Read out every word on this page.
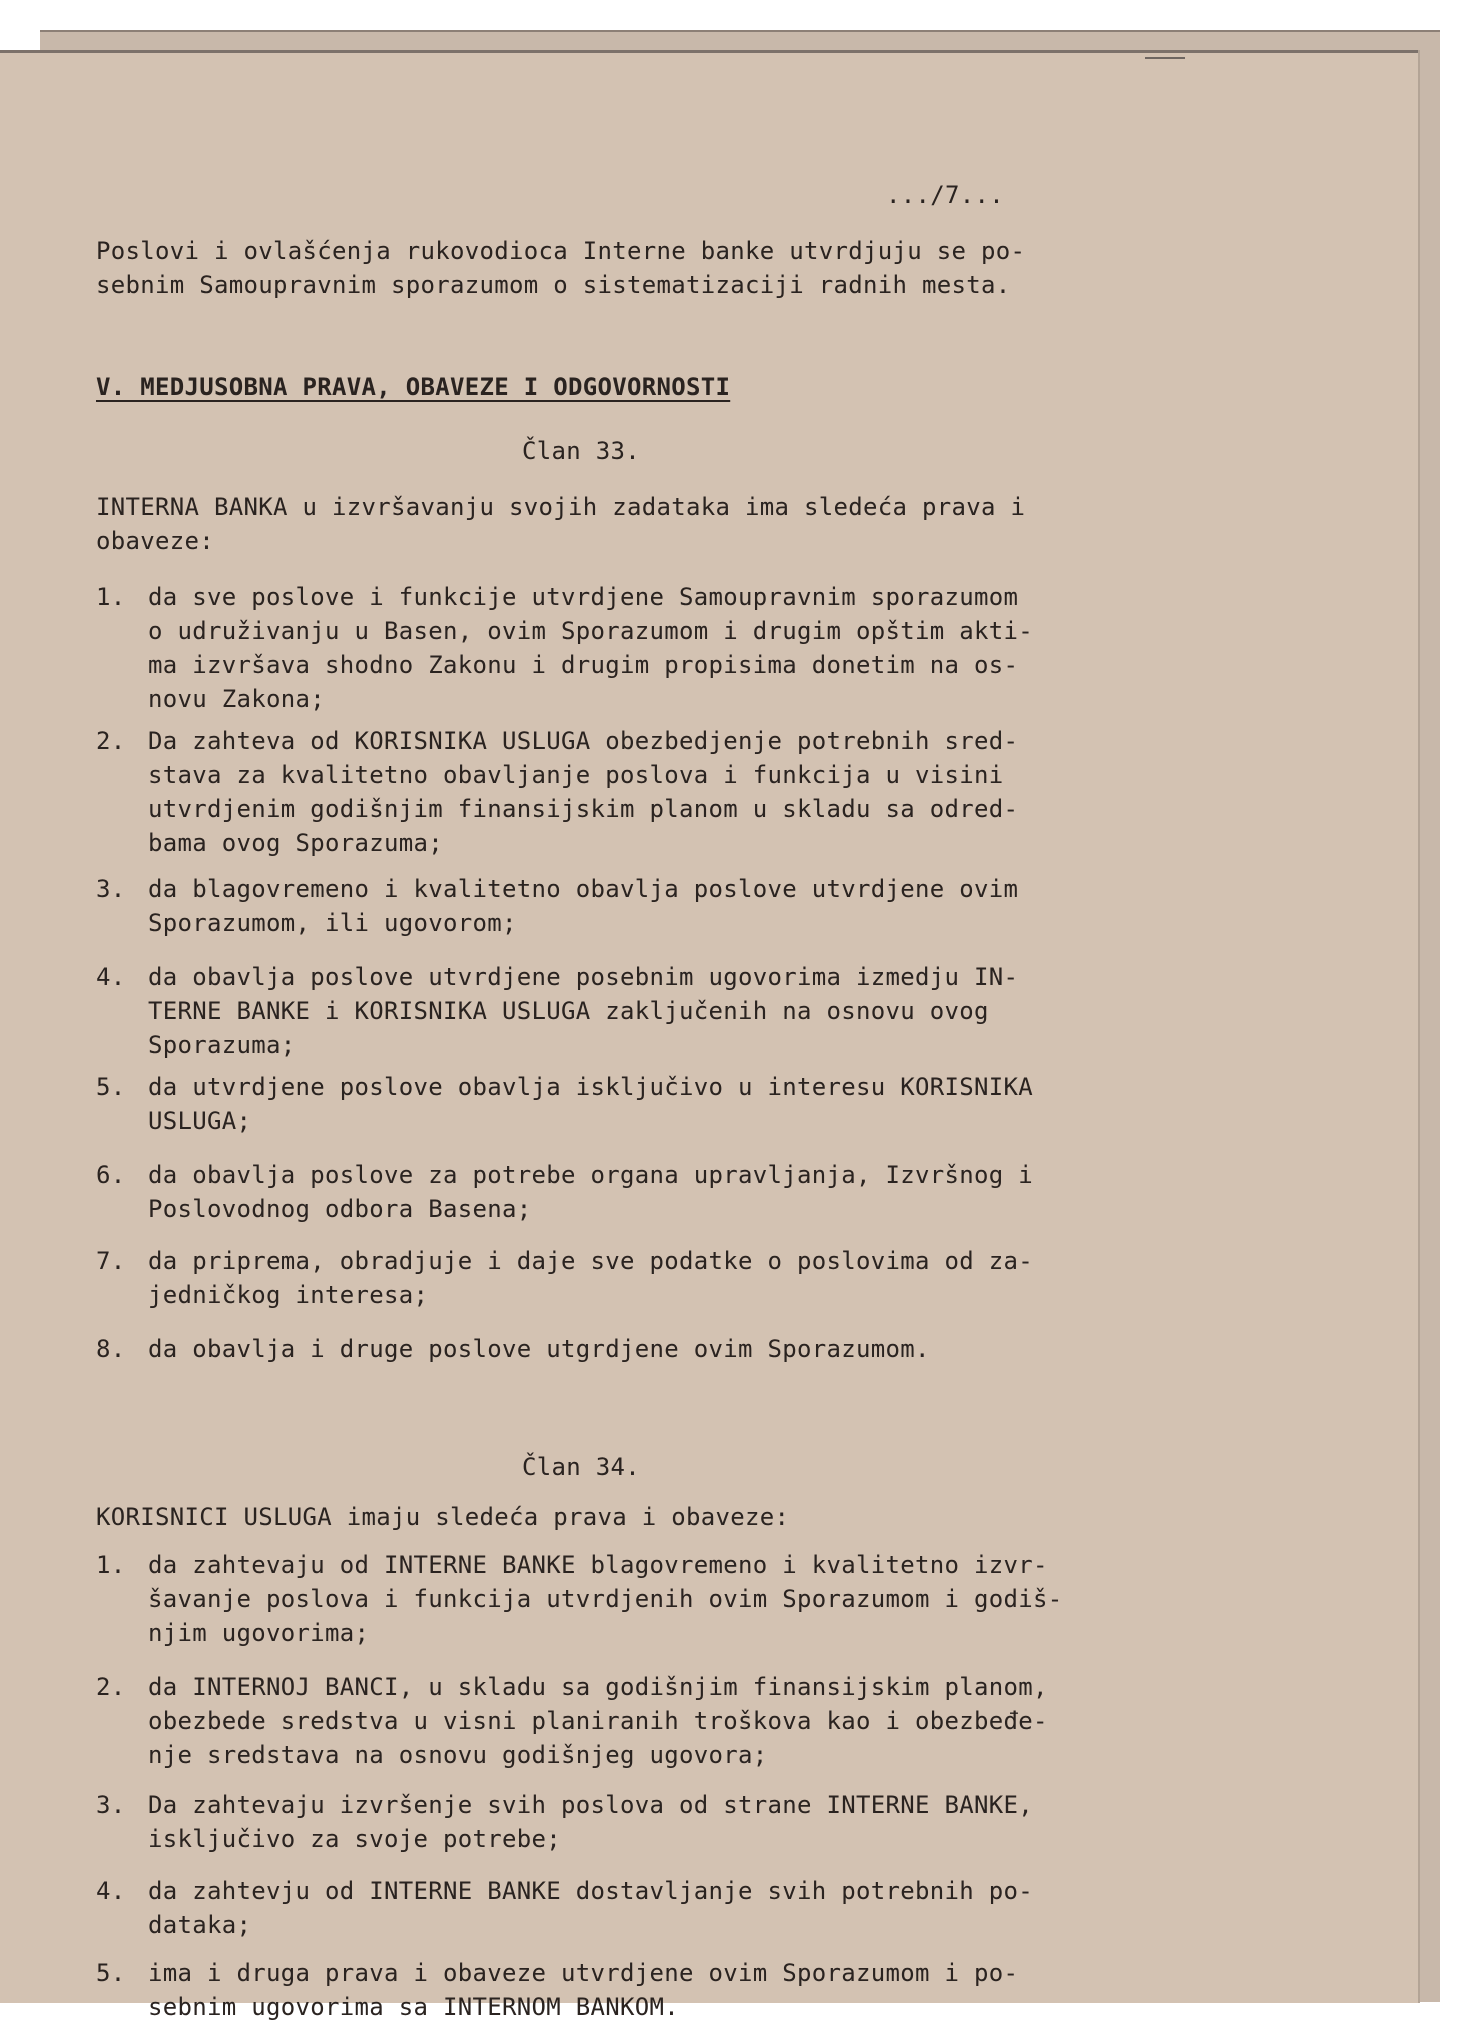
.../7...
Poslovi i ovlašćenja rukovodioca Interne banke utvrdjuju se po-
sebnim Samoupravnim sporazumom o sistematizaciji radnih mesta.
V. MEDJUSOBNA PRAVA, OBAVEZE I ODGOVORNOSTI
Član 33.
INTERNA BANKA u izvršavanju svojih zadataka ima sledeća prava i
obaveze:
1. da sve poslove i funkcije utvrdjene Samoupravnim sporazumom
o udruživanju u Basen, ovim Sporazumom i drugim opštim akti-
ma izvršava shodno Zakonu i drugim propisima donetim na os-
novu Zakona;
2. Da zahteva od KORISNIKA USLUGA obezbedjenje potrebnih sred-
stava za kvalitetno obavljanje poslova i funkcija u visini
utvrdjenim godišnjim finansijskim planom u skladu sa odred-
bama ovog Sporazuma;
3. da blagovremeno i kvalitetno obavlja poslove utvrdjene ovim
Sporazumom, ili ugovorom;
4. da obavlja poslove utvrdjene posebnim ugovorima izmedju IN-
TERNE BANKE i KORISNIKA USLUGA zaključenih na osnovu ovog
Sporazuma;
5. da utvrdjene poslove obavlja isključivo u interesu KORISNIKA
USLUGA;
6. da obavlja poslove za potrebe organa upravljanja, Izvršnog i
Poslovodnog odbora Basena;
7. da priprema, obradjuje i daje sve podatke o poslovima od za-
jedničkog interesa;
8. da obavlja i druge poslove utgrdjene ovim Sporazumom.
Član 34.
KORISNICI USLUGA imaju sledeća prava i obaveze:
1. da zahtevaju od INTERNE BANKE blagovremeno i kvalitetno izvr-
šavanje poslova i funkcija utvrdjenih ovim Sporazumom i godiš-
njim ugovorima;
2. da INTERNOJ BANCI, u skladu sa godišnjim finansijskim planom,
obezbede sredstva u visni planiranih troškova kao i obezbeđe-
nje sredstava na osnovu godišnjeg ugovora;
3. Da zahtevaju izvršenje svih poslova od strane INTERNE BANKE,
isključivo za svoje potrebe;
4. da zahtevju od INTERNE BANKE dostavljanje svih potrebnih po-
dataka;
5. ima i druga prava i obaveze utvrdjene ovim Sporazumom i po-
sebnim ugovorima sa INTERNOM BANKOM.
